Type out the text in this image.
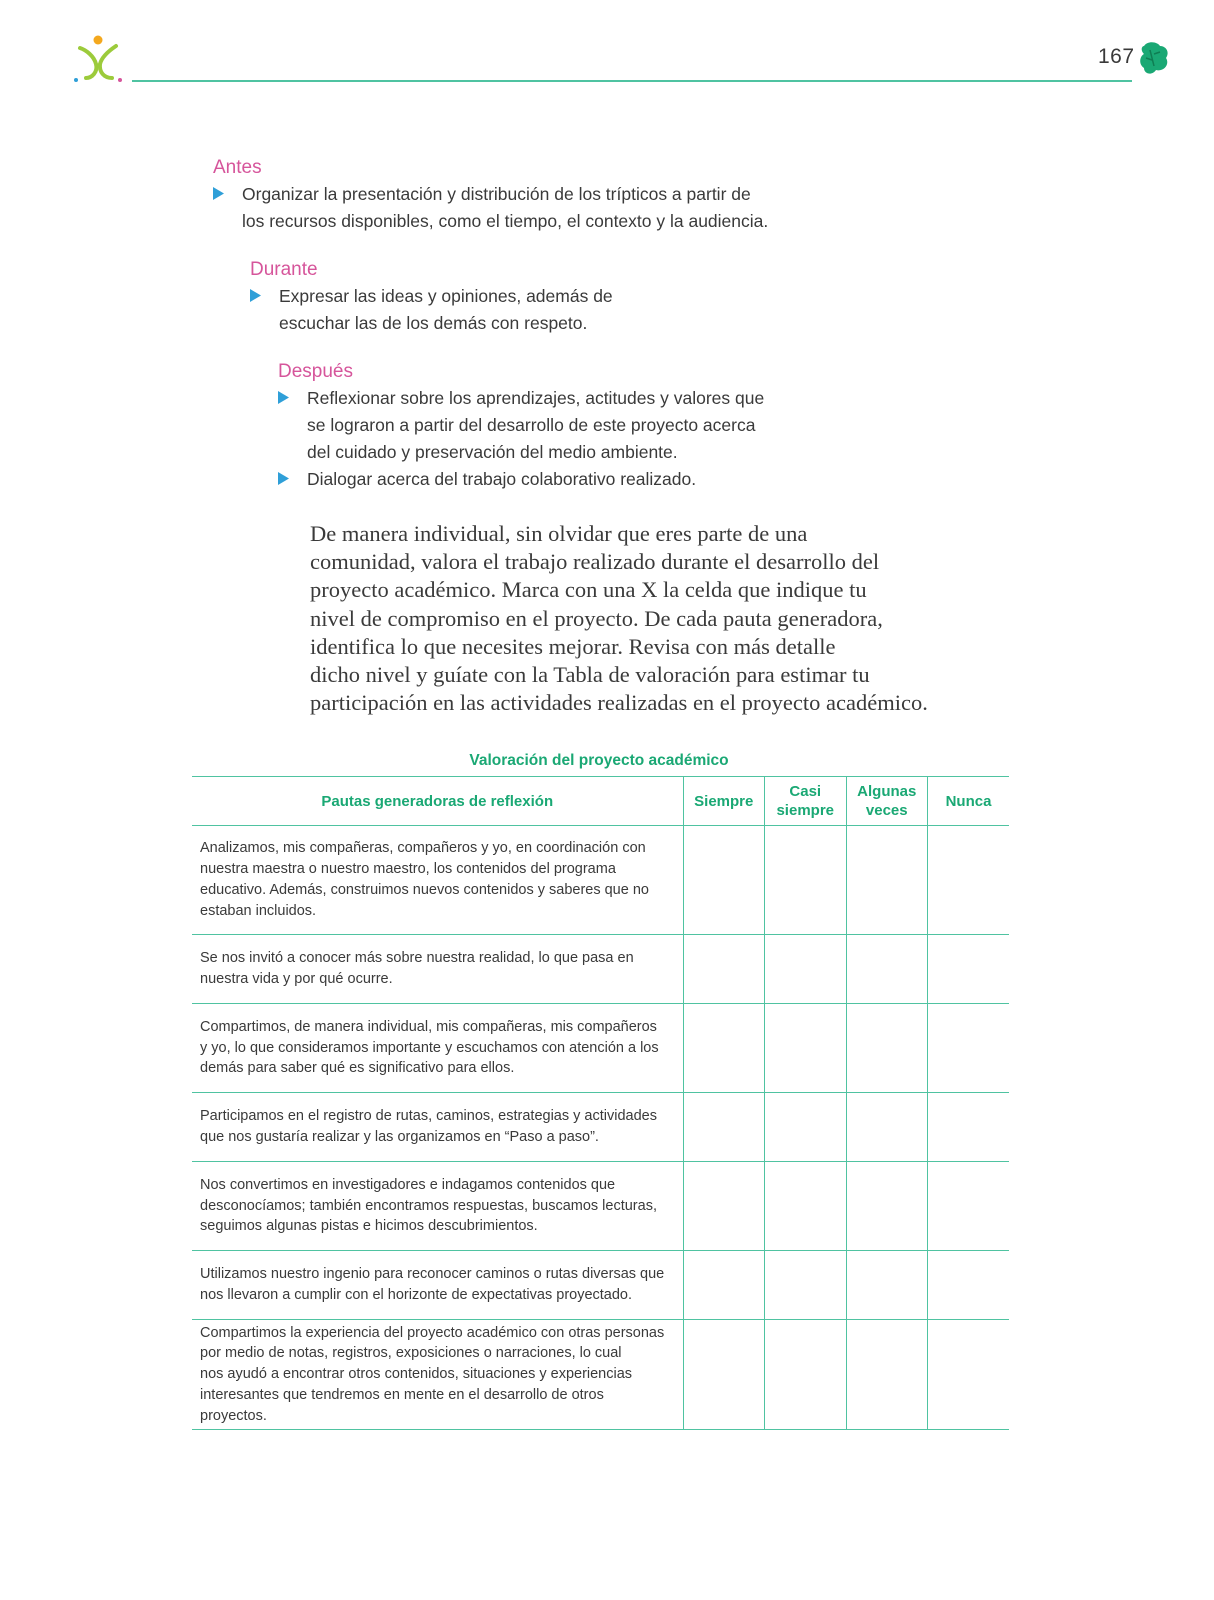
167
Antes
Organizar la presentación y distribución de los trípticos a partir de
los recursos disponibles, como el tiempo, el contexto y la audiencia.
Durante
Expresar las ideas y opiniones, además de
escuchar las de los demás con respeto.
Después
Reflexionar sobre los aprendizajes, actitudes y valores que
se lograron a partir del desarrollo de este proyecto acerca
del cuidado y preservación del medio ambiente.
Dialogar acerca del trabajo colaborativo realizado.
De manera individual, sin olvidar que eres parte de una
comunidad, valora el trabajo realizado durante el desarrollo del
proyecto académico. Marca con una X la celda que indique tu
nivel de compromiso en el proyecto. De cada pauta generadora,
identifica lo que necesites mejorar. Revisa con más detalle
dicho nivel y guíate con la Tabla de valoración para estimar tu
participación en las actividades realizadas en el proyecto académico.
Valoración del proyecto académico
Pautas generadoras de reflexión	Siempre	Casi
siempre	Algunas
veces	Nunca
Analizamos, mis compañeras, compañeros y yo, en coordinación con
nuestra maestra o nuestro maestro, los contenidos del programa
educativo. Además, construimos nuevos contenidos y saberes que no
estaban incluidos.				
Se nos invitó a conocer más sobre nuestra realidad, lo que pasa en
nuestra vida y por qué ocurre.				
Compartimos, de manera individual, mis compañeras, mis compañeros
y yo, lo que consideramos importante y escuchamos con atención a los
demás para saber qué es significativo para ellos.				
Participamos en el registro de rutas, caminos, estrategias y actividades
que nos gustaría realizar y las organizamos en “Paso a paso”.				
Nos convertimos en investigadores e indagamos contenidos que
desconocíamos; también encontramos respuestas, buscamos lecturas,
seguimos algunas pistas e hicimos descubrimientos.				
Utilizamos nuestro ingenio para reconocer caminos o rutas diversas que
nos llevaron a cumplir con el horizonte de expectativas proyectado.				
Compartimos la experiencia del proyecto académico con otras personas
por medio de notas, registros, exposiciones o narraciones, lo cual
nos ayudó a encontrar otros contenidos, situaciones y experiencias
interesantes que tendremos en mente en el desarrollo de otros proyectos.				
